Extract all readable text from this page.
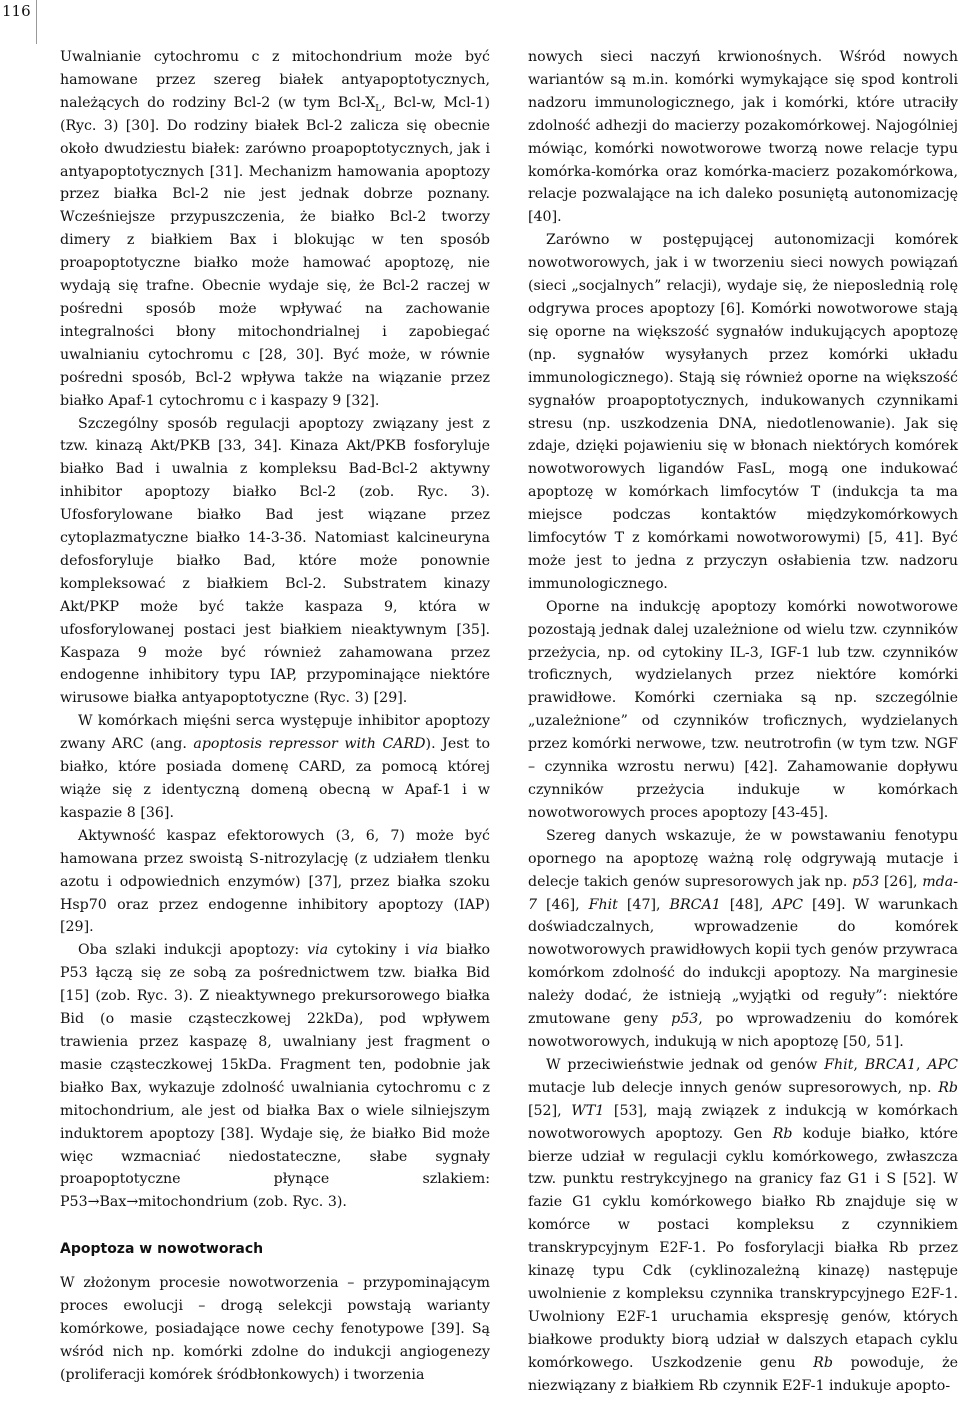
116

Uwalnianie cytochromu c z mitochondrium może być hamowane przez szereg białek antyapoptotycznych, należących do rodziny Bcl-2 (w tym Bcl-$X_L$, Bcl-w, Mcl-1) (Ryc. 3) [30]. Do rodziny białek Bcl-2 zalicza się obecnie około dwudziestu białek: zarówno proapoptotycznych, jak i antyapoptotycznych [31]. Mechanizm hamowania apoptozy przez białka Bcl-2 nie jest jednak dobrze poznany. Wcześniejsze przypuszczenia, że białko Bcl-2 tworzy dimery z białkiem Bax i blokując w ten sposób proapoptotyczne białko może hamować apoptozę, nie wydają się trafne. Obecnie wydaje się, że Bcl-2 raczej w pośredni sposób może wpływać na zachowanie integralności błony mitochondrialnej i zapobiegać uwalnianiu cytochromu c [28, 30]. Być może, w równie pośredni sposób, Bcl-2 wpływa także na wiązanie przez białko Apaf-1 cytochromu c i kaspazy 9 [32].

Szczególny sposób regulacji apoptozy związany jest z tzw. kinazą Akt/PKB [33, 34]. Kinaza Akt/PKB fosforyluje białko Bad i uwalnia z kompleksu Bad-Bcl-2 aktywny inhibitor apoptozy białko Bcl-2 (zob. Ryc. 3). Ufosforylowane białko Bad jest wiązane przez cytoplazmatyczne białko 14-3-3δ. Natomiast kalcineuryna defosforyluje białko Bad, które może ponownie kompleksować z białkiem Bcl-2. Substratem kinazy Akt/PKP może być także kaspaza 9, która w ufosforylowanej postaci jest białkiem nieaktywnym [35]. Kaspaza 9 może być również zahamowana przez endogenne inhibitory typu IAP, przypominające niektóre wirusowe białka antyapoptotyczne (Ryc. 3) [29].

W komórkach mięśni serca występuje inhibitor apoptozy zwany ARC (ang. apoptosis repressor with CARD). Jest to białko, które posiada domenę CARD, za pomocą której wiąże się z identyczną domeną obecną w Apaf-1 i w kaspazie 8 [36].

Aktywność kaspaz efektorowych (3, 6, 7) może być hamowana przez swoistą S-nitrozylację (z udziałem tlenku azotu i odpowiednich enzymów) [37], przez białka szoku Hsp70 oraz przez endogenne inhibitory apoptozy (IAP) [29].

Oba szlaki indukcji apoptozy: via cytokiny i via białko P53 łączą się ze sobą za pośrednictwem tzw. białka Bid [15] (zob. Ryc. 3). Z nieaktywnego prekursorowego białka Bid (o masie cząsteczkowej 22kDa), pod wpływem trawienia przez kaspazę 8, uwalniany jest fragment o masie cząsteczkowej 15kDa. Fragment ten, podobnie jak białko Bax, wykazuje zdolność uwalniania cytochromu c z mitochondrium, ale jest od białka Bax o wiele silniejszym induktorem apoptozy [38]. Wydaje się, że białko Bid może więc wzmacniać niedostateczne, słabe sygnały proapoptotyczne płynące szlakiem: P53→Bax→mitochondrium (zob. Ryc. 3).

Apoptoza w nowotworach

W złożonym procesie nowotworzenia – przypominającym proces ewolucji – drogą selekcji powstają warianty komórkowe, posiadające nowe cechy fenotypowe [39]. Są wśród nich np. komórki zdolne do indukcji angiogenezy (proliferacji komórek śródbłonkowych) i tworzenia

nowych sieci naczyń krwionośnych. Wśród nowych wariantów są m.in. komórki wymykające się spod kontroli nadzoru immunologicznego, jak i komórki, które utraciły zdolność adhezji do macierzy pozakomórkowej. Najogólniej mówiąc, komórki nowotworowe tworzą nowe relacje typu komórka-komórka oraz komórka-macierz pozakomórkowa, relacje pozwalające na ich daleko posuniętą autonomizację [40].

Zarówno w postępującej autonomizacji komórek nowotworowych, jak i w tworzeniu sieci nowych powiązań (sieci „socjalnych” relacji), wydaje się, że nieposlednią rolę odgrywa proces apoptozy [6]. Komórki nowotworowe stają się oporne na większość sygnałów indukujących apoptozę (np. sygnałów wysyłanych przez komórki układu immunologicznego). Stają się również oporne na większość sygnałów proapoptotycznych, indukowanych czynnikami stresu (np. uszkodzenia DNA, niedotlenowanie). Jak się zdaje, dzięki pojawieniu się w błonach niektórych komórek nowotworowych ligandów FasL, mogą one indukować apoptozę w komórkach limfocytów T (indukcja ta ma miejsce podczas kontaktów międzykomórkowych limfocytów T z komórkami nowotworowymi) [5, 41]. Być może jest to jedna z przyczyn osłabienia tzw. nadzoru immunologicznego.

Oporne na indukcję apoptozy komórki nowotworowe pozostają jednak dalej uzależnione od wielu tzw. czynników przeżycia, np. od cytokiny IL-3, IGF-1 lub tzw. czynników troficznych, wydzielanych przez niektóre komórki prawidłowe. Komórki czerniaka są np. szczególnie „uzależnione” od czynników troficznych, wydzielanych przez komórki nerwowe, tzw. neutrotrofin (w tym tzw. NGF – czynnika wzrostu nerwu) [42]. Zahamowanie dopływu czynników przeżycia indukuje w komórkach nowotworowych proces apoptozy [43-45].

Szereg danych wskazuje, że w powstawaniu fenotypu opornego na apoptozę ważną rolę odgrywają mutacje i delecje takich genów supresorowych jak np. p53 [26], mda-7 [46], Fhit [47], BRCA1 [48], APC [49]. W warunkach doświadczalnych, wprowadzenie do komórek nowotworowych prawidłowych kopii tych genów przywraca komórkom zdolność do indukcji apoptozy. Na marginesie należy dodać, że istnieją „wyjątki od reguły”: niektóre zmutowane geny p53, po wprowadzeniu do komórek nowotworowych, indukują w nich apoptozę [50, 51].

W przeciwieństwie jednak od genów Fhit, BRCA1, APC mutacje lub delecje innych genów supresorowych, np. Rb [52], WT1 [53], mają związek z indukcją w komórkach nowotworowych apoptozy. Gen Rb koduje białko, które bierze udział w regulacji cyklu komórkowego, zwłaszcza tzw. punktu restrykcyjnego na granicy faz G1 i S [52]. W fazie G1 cyklu komórkowego białko Rb znajduje się w komórce w postaci kompleksu z czynnikiem transkrypcyjnym E2F-1. Po fosforylacji białka Rb przez kinazę typu Cdk (cyklinozależną kinazę) następuje uwolnienie z kompleksu czynnika transkrypcyjnego E2F-1. Uwolniony E2F-1 uruchamia ekspresję genów, których białkowe produkty biorą udział w dalszych etapach cyklu komórkowego. Uszkodzenie genu Rb powoduje, że niezwiązany z białkiem Rb czynnik E2F-1 indukuje apopto-
